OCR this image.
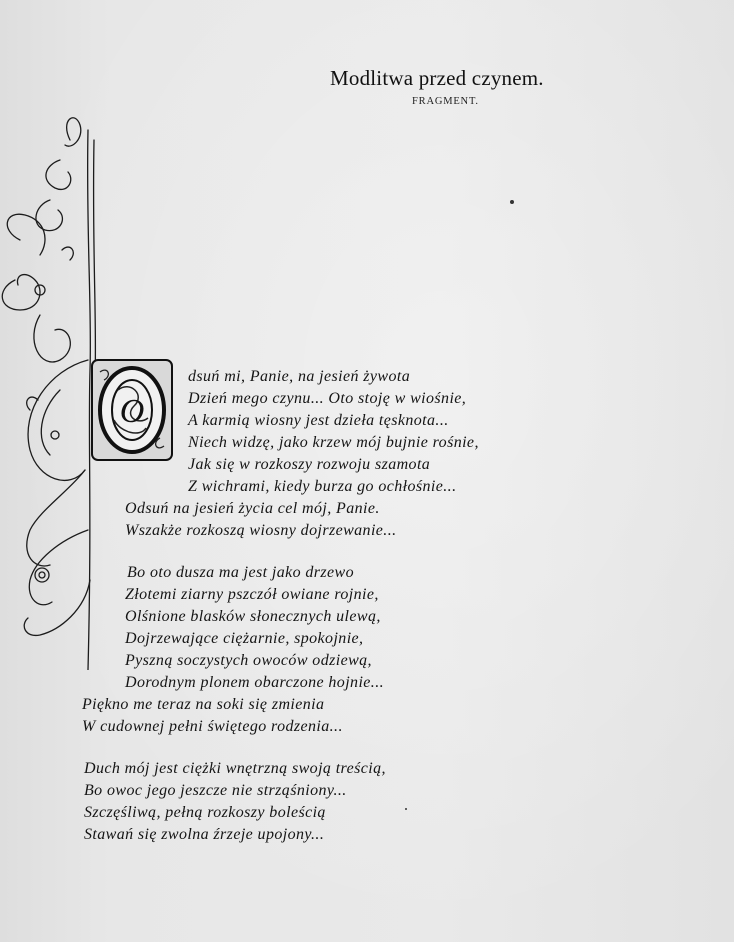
Modlitwa przed czynem.
FRAGMENT.
O
dsuń mi, Panie, na jesień żywota
Dzień mego czynu... Oto stoję w wiośnie,
A karmią wiosny jest dzieła tęsknota...
Niech widzę, jako krzew mój bujnie rośnie,
Jak się w rozkoszy rozwoju szamota
Z wichrami, kiedy burza go ochłośnie...
Odsuń na jesień życia cel mój, Panie.
Wszakże rozkoszą wiosny dojrzewanie...
Bo oto dusza ma jest jako drzewo
Złotemi ziarny pszczół owiane rojnie,
Olśnione blasków słonecznych ulewą,
Dojrzewające ciężarnie, spokojnie,
Pyszną soczystych owoców odziewą,
Dorodnym plonem obarczone hojnie...
Piękno me teraz na soki się zmienia
W cudownej pełni świętego rodzenia...
Duch mój jest ciężki wnętrzną swoją treścią,
Bo owoc jego jeszcze nie strząśniony...
Szczęśliwą, pełną rozkoszy boleścią
Stawań się zwolna źrzeje upojony...
